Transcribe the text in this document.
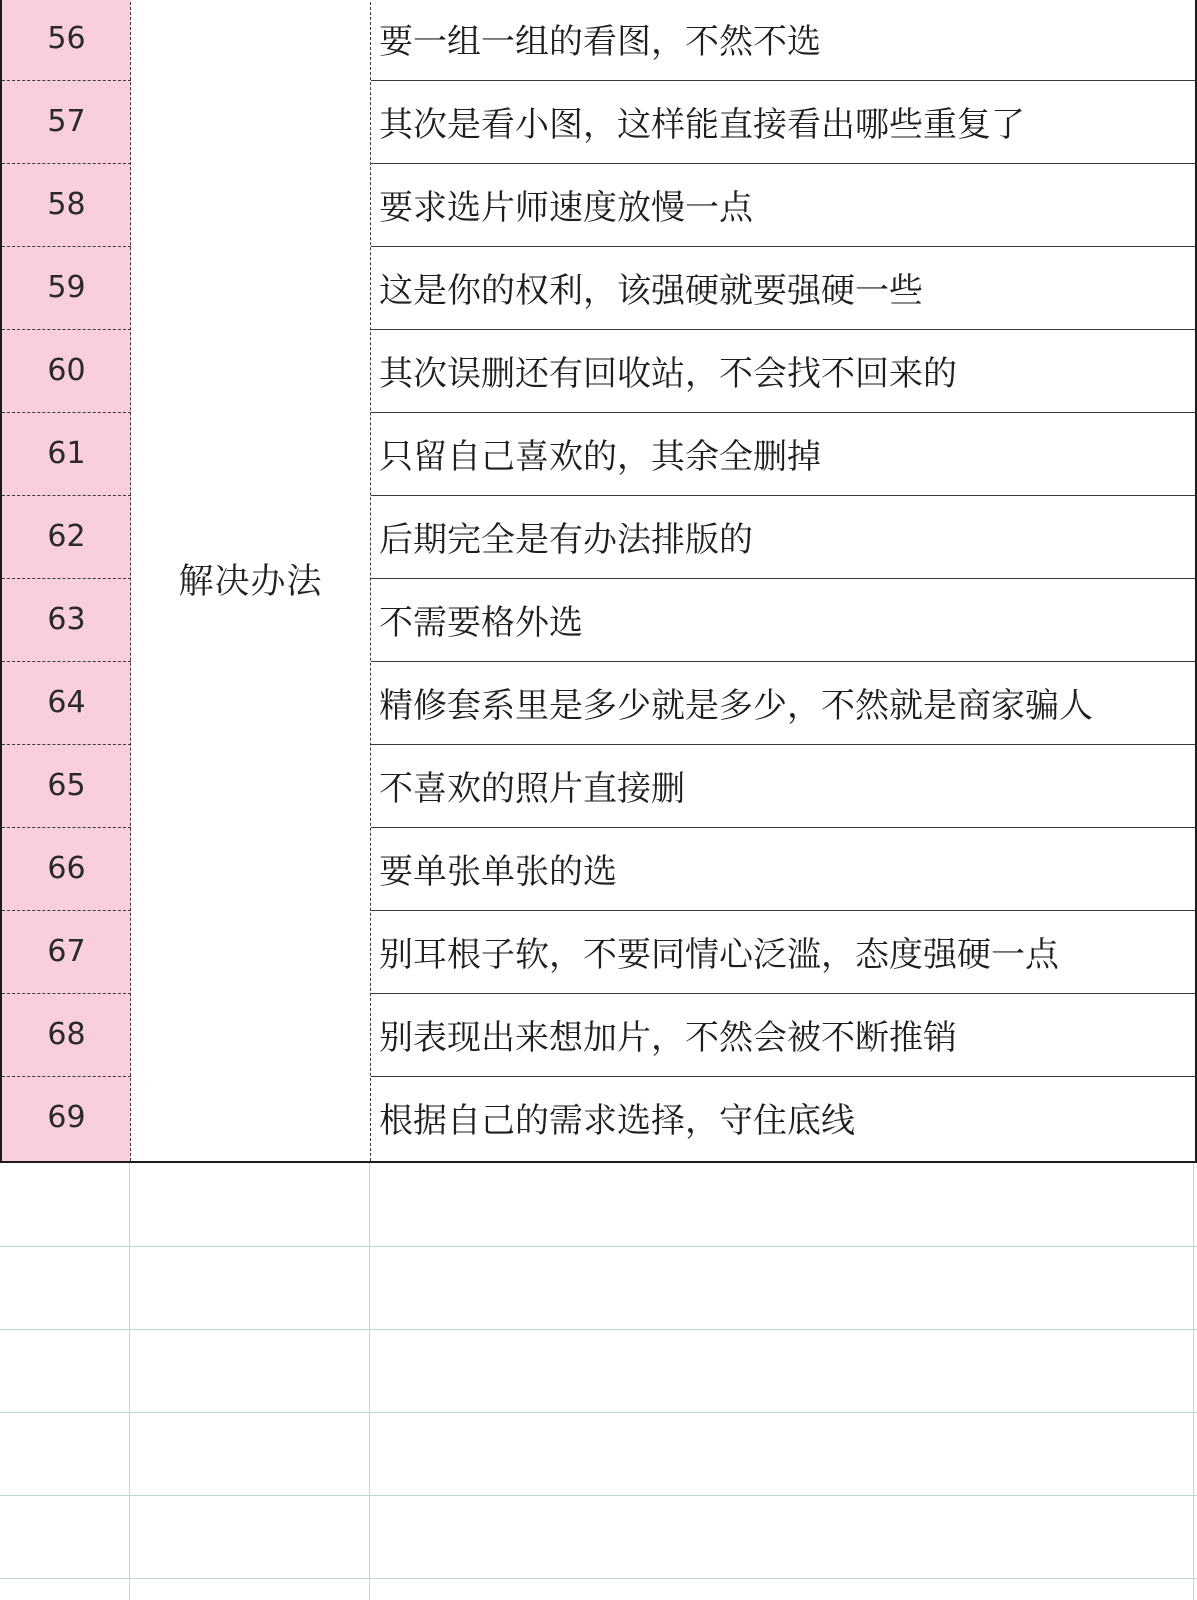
解决办法
56	要一组一组的看图，不然不选
57	其次是看小图，这样能直接看出哪些重复了
58	要求选片师速度放慢一点
59	这是你的权利，该强硬就要强硬一些
60	其次误删还有回收站，不会找不回来的
61	只留自己喜欢的，其余全删掉
62	后期完全是有办法排版的
63	不需要格外选
64	精修套系里是多少就是多少，不然就是商家骗人
65	不喜欢的照片直接删
66	要单张单张的选
67	别耳根子软，不要同情心泛滥，态度强硬一点
68	别表现出来想加片，不然会被不断推销
69	根据自己的需求选择，守住底线
